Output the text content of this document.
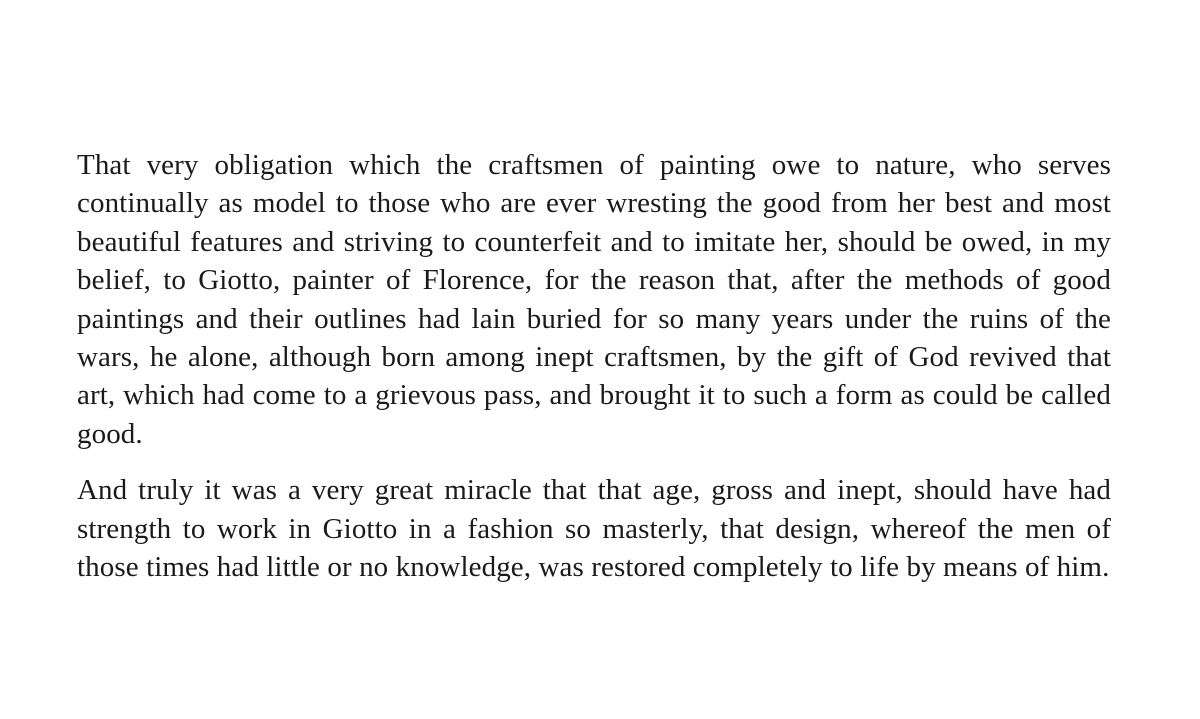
That very obligation which the craftsmen of painting owe to nature, who serves continually as model to those who are ever wresting the good from her best and most beautiful features and striving to counterfeit and to imitate her, should be owed, in my belief, to Giotto, painter of Florence, for the reason that, after the methods of good paintings and their outlines had lain buried for so many years under the ruins of the wars, he alone, although born among inept craftsmen, by the gift of God revived that art, which had come to a grievous pass, and brought it to such a form as could be called good.

And truly it was a very great miracle that that age, gross and inept, should have had strength to work in Giotto in a fashion so masterly, that design, whereof the men of those times had little or no knowledge, was restored completely to life by means of him.
